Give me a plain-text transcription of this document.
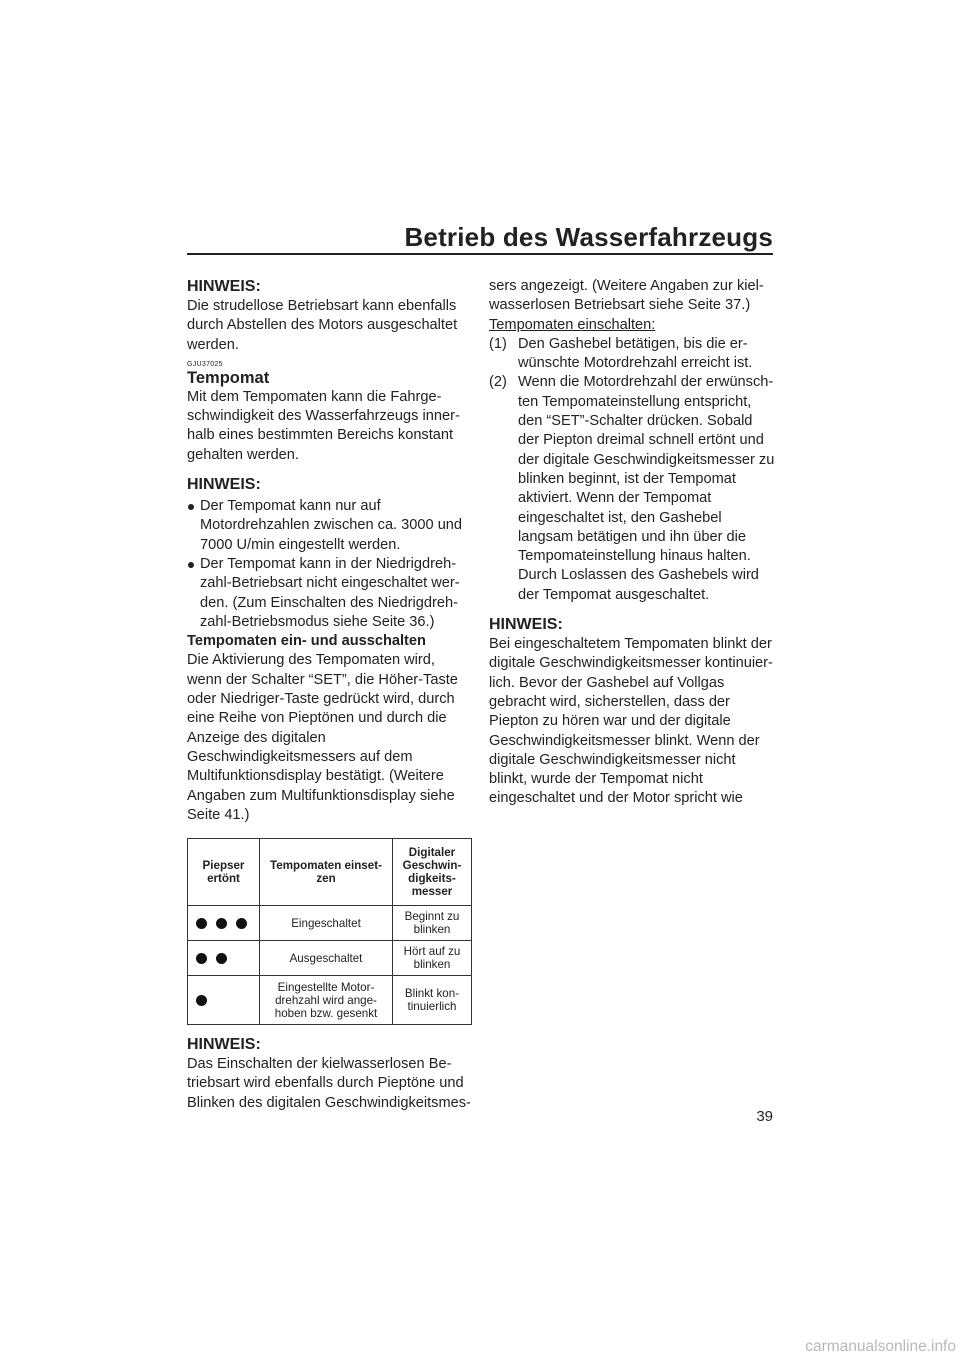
Betrieb des Wasserfahrzeugs
HINWEIS:

Die strudellose Betriebsart kann ebenfalls durch Abstellen des Motors ausgeschaltet werden.

GJU37025
Tempomat

Mit dem Tempomaten kann die Fahrgeschwindigkeit des Wasserfahrzeugs innerhalb eines bestimmten Bereichs konstant gehalten werden.

HINWEIS:
Der Tempomat kann nur auf Motordrehzahlen zwischen ca. 3000 und 7000 U/min eingestellt werden.
Der Tempomat kann in der Niedrigdrehzahl-Betriebsart nicht eingeschaltet werden. (Zum Einschalten des Niedrigdrehzahl-Betriebsmodus siehe Seite 36.)
Tempomaten ein- und ausschalten

Die Aktivierung des Tempomaten wird, wenn der Schalter “SET”, die Höher-Taste oder Niedriger-Taste gedrückt wird, durch eine Reihe von Pieptönen und durch die Anzeige des digitalen Geschwindigkeitsmessers auf dem Multifunktionsdisplay bestätigt. (Weitere Angaben zum Multifunktionsdisplay siehe Seite 41.)

Piepser ertönt	Tempomaten einsetzen	Digitaler Geschwindigkeitsmesser
	Eingeschaltet	Beginnt zu blinken
	Ausgeschaltet	Hört auf zu blinken
	Eingestellte Motordrehzahl wird angehoben bzw. gesenkt	Blinkt kontinuierlich
HINWEIS:

Das Einschalten der kielwasserlosen Betriebsart wird ebenfalls durch Pieptöne und Blinken des digitalen Geschwindigkeitsmes-

sers angezeigt. (Weitere Angaben zur kielwasserlosen Betriebsart siehe Seite 37.)

Tempomaten einschalten:
(1) Den Gashebel betätigen, bis die erwünschte Motordrehzahl erreicht ist.
(2) Wenn die Motordrehzahl der erwünschten Tempomateinstellung entspricht, den “SET”-Schalter drücken. Sobald der Piepton dreimal schnell ertönt und der digitale Geschwindigkeitsmesser zu blinken beginnt, ist der Tempomat aktiviert. Wenn der Tempomat eingeschaltet ist, den Gashebel langsam betätigen und ihn über die Tempomateinstellung hinaus halten. Durch Loslassen des Gashebels wird der Tempomat ausgeschaltet.
HINWEIS:

Bei eingeschaltetem Tempomaten blinkt der digitale Geschwindigkeitsmesser kontinuierlich. Bevor der Gashebel auf Vollgas gebracht wird, sicherstellen, dass der Piepton zu hören war und der digitale Geschwindigkeitsmesser blinkt. Wenn der digitale Geschwindigkeitsmesser nicht blinkt, wurde der Tempomat nicht eingeschaltet und der Motor spricht wie

39

carmanualsonline.info
